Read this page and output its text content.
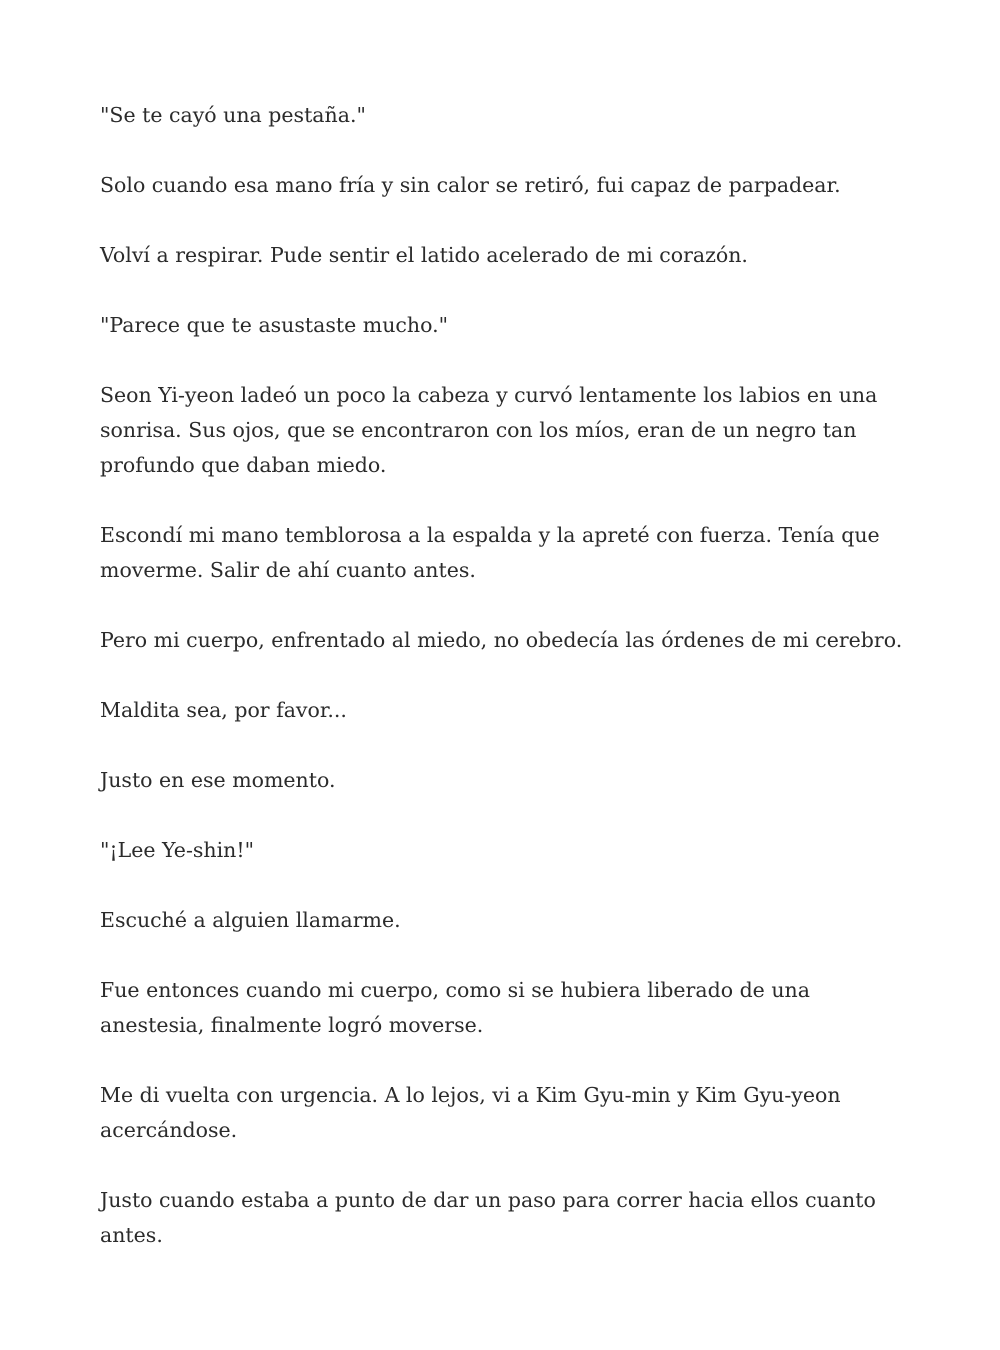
"Se te cayó una pestaña."

Solo cuando esa mano fría y sin calor se retiró, fui capaz de parpadear.

Volví a respirar. Pude sentir el latido acelerado de mi corazón.

"Parece que te asustaste mucho."

Seon Yi-yeon ladeó un poco la cabeza y curvó lentamente los labios en una sonrisa. Sus ojos, que se encontraron con los míos, eran de un negro tan profundo que daban miedo.

Escondí mi mano temblorosa a la espalda y la apreté con fuerza. Tenía que moverme. Salir de ahí cuanto antes.

Pero mi cuerpo, enfrentado al miedo, no obedecía las órdenes de mi cerebro.

Maldita sea, por favor...

Justo en ese momento.

"¡Lee Ye-shin!"

Escuché a alguien llamarme.

Fue entonces cuando mi cuerpo, como si se hubiera liberado de una anestesia, finalmente logró moverse.

Me di vuelta con urgencia. A lo lejos, vi a Kim Gyu-min y Kim Gyu-yeon acercándose.

Justo cuando estaba a punto de dar un paso para correr hacia ellos cuanto antes.
